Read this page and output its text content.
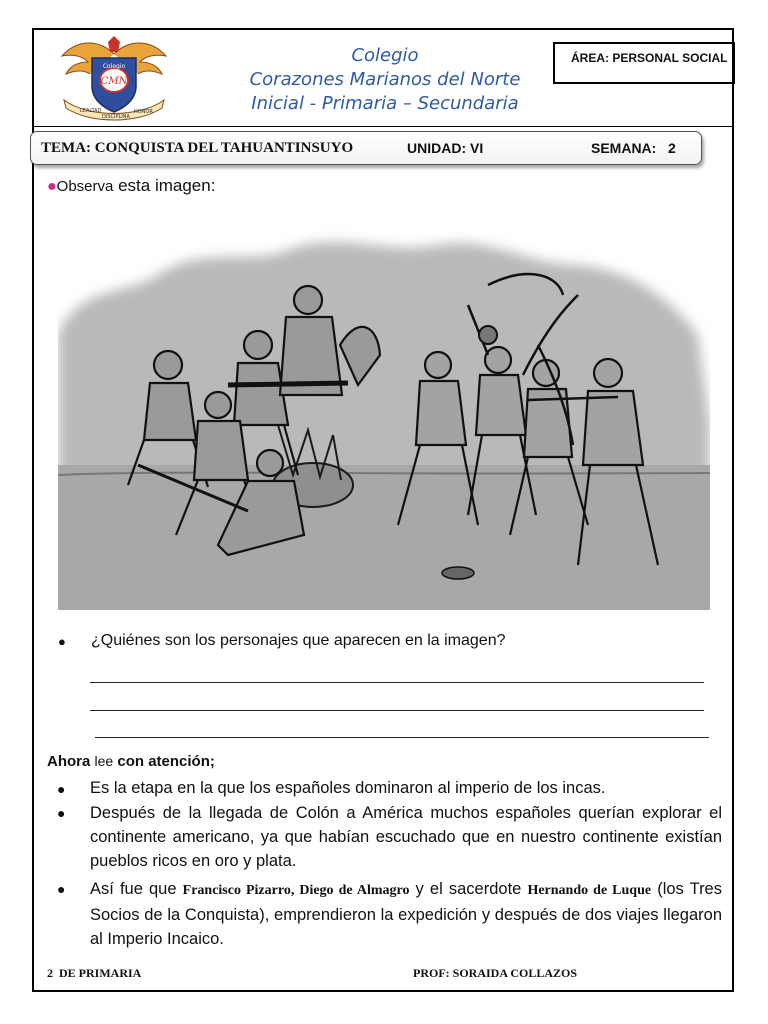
CMN
Colegio
LEALTAD
DISCIPLINA
HONOR
Colegio
Corazones Marianos del Norte
Inicial - Primaria – Secundaria
ÁREA: PERSONAL SOCIAL
TEMA: CONQUISTA DEL TAHUANTINSUYO	UNIDAD: VI	SEMANA:   2
●Observa esta imagen:
● ¿Quiénes son los personajes que aparecen en la imagen?
Ahora lee con atención;
● Es la etapa en la que los españoles dominaron al imperio de los incas.
● Después de la llegada de Colón a América muchos españoles querían explorar el continente americano, ya que habían escuchado que en nuestro continente existían pueblos ricos en oro y plata.
● Así fue que Francisco Pizarro, Diego de Almagro y el sacerdote Hernando de Luque (los Tres Socios de la Conquista), emprendieron la expedición y después de dos viajes llegaron al Imperio Incaico.
2  DE PRIMARIA	PROF: SORAIDA COLLAZOS
